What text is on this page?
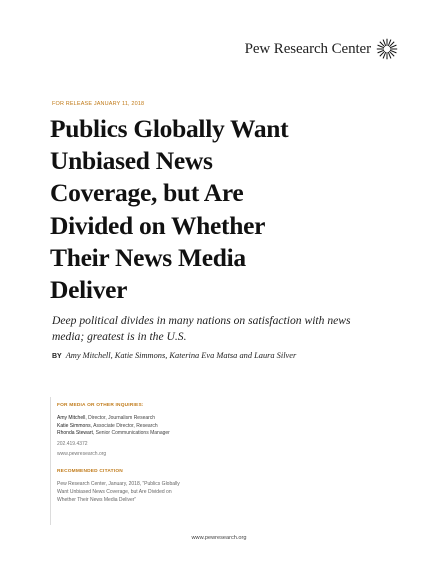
Pew Research Center
FOR RELEASE JANUARY 11, 2018
Publics Globally Want
Unbiased News
Coverage, but Are
Divided on Whether
Their News Media
Deliver

Deep political divides in many nations on satisfaction with news
media; greatest is in the U.S.

BY Amy Mitchell, Katie Simmons, Katerina Eva Matsa and Laura Silver
FOR MEDIA OR OTHER INQUIRIES:
Amy Mitchell, Director, Journalism Research
Katie Simmons, Associate Director, Research
Rhonda Stewart, Senior Communications Manager
202.419.4372
www.pewresearch.org
RECOMMENDED CITATION
Pew Research Center, January, 2018, “Publics Globally
Want Unbiased News Coverage, but Are Divided on
Whether Their News Media Deliver”
www.pewresearch.org
